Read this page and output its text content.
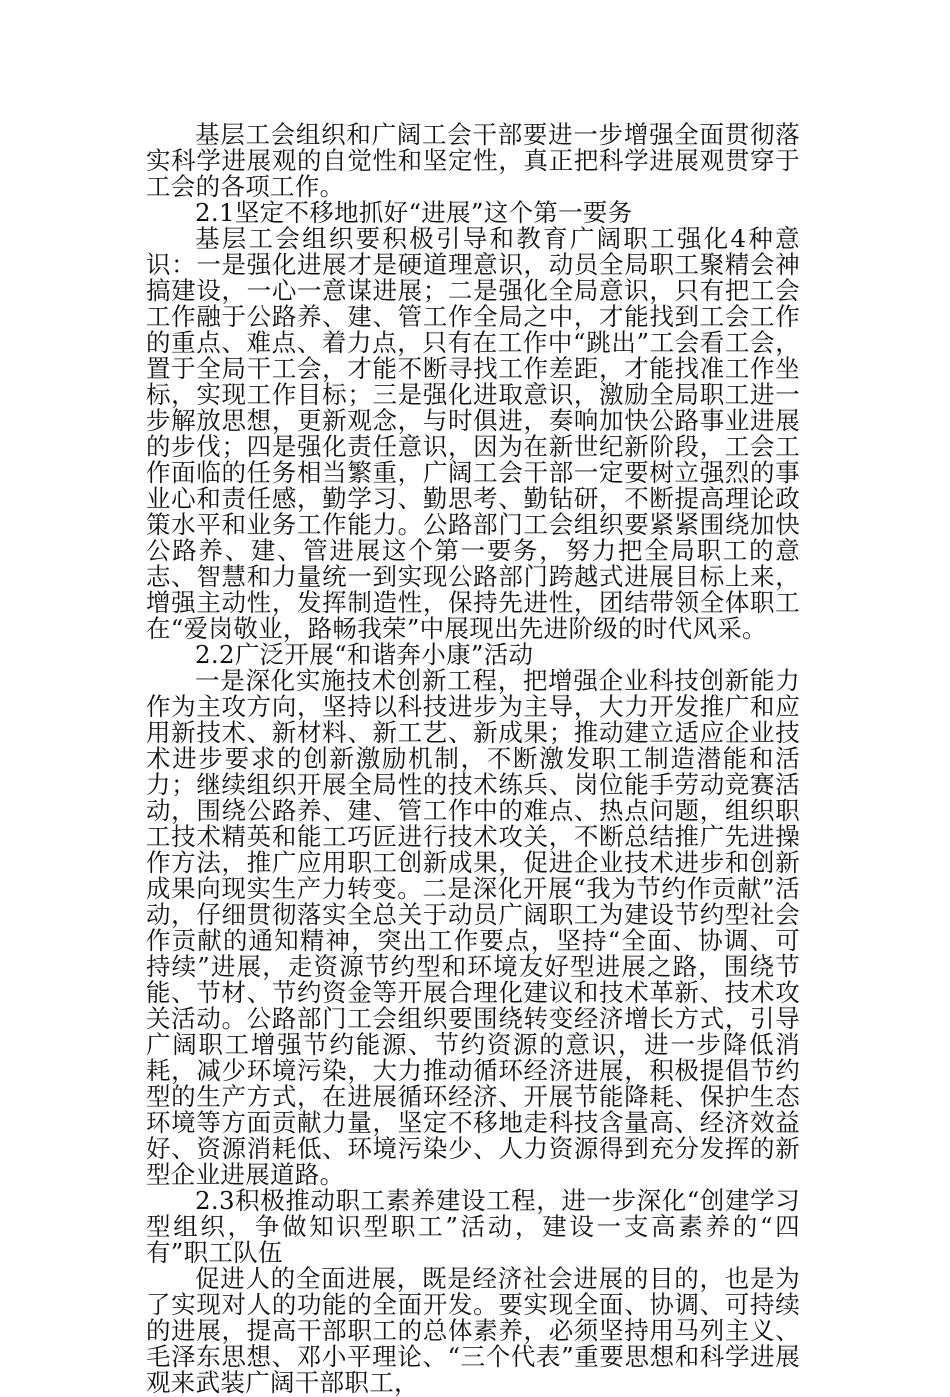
基层工会组织和广阔工会干部要进一步增强全面贯彻落实科学进展观的自觉性和坚定性，真正把科学进展观贯穿于工会的各项工作。

2.1坚定不移地抓好“进展”这个第一要务

基层工会组织要积极引导和教育广阔职工强化4种意识：一是强化进展才是硬道理意识，动员全局职工聚精会神搞建设，一心一意谋进展；二是强化全局意识，只有把工会工作融于公路养、建、管工作全局之中，才能找到工会工作的重点、难点、着力点，只有在工作中“跳出”工会看工会，置于全局干工会，才能不断寻找工作差距，才能找准工作坐标，实现工作目标；三是强化进取意识，激励全局职工进一步解放思想，更新观念，与时俱进，奏响加快公路事业进展的步伐；四是强化责任意识，因为在新世纪新阶段，工会工作面临的任务相当繁重，广阔工会干部一定要树立强烈的事业心和责任感，勤学习、勤思考、勤钻研，不断提高理论政策水平和业务工作能力。公路部门工会组织要紧紧围绕加快公路养、建、管进展这个第一要务，努力把全局职工的意志、智慧和力量统一到实现公路部门跨越式进展目标上来，增强主动性，发挥制造性，保持先进性，团结带领全体职工在“爱岗敬业，路畅我荣”中展现出先进阶级的时代风采。

2.2广泛开展“和谐奔小康”活动

一是深化实施技术创新工程，把增强企业科技创新能力作为主攻方向，坚持以科技进步为主导，大力开发推广和应用新技术、新材料、新工艺、新成果；推动建立适应企业技术进步要求的创新激励机制，不断激发职工制造潜能和活力；继续组织开展全局性的技术练兵、岗位能手劳动竞赛活动，围绕公路养、建、管工作中的难点、热点问题，组织职工技术精英和能工巧匠进行技术攻关，不断总结推广先进操作方法，推广应用职工创新成果，促进企业技术进步和创新成果向现实生产力转变。二是深化开展“我为节约作贡献”活动，仔细贯彻落实全总关于动员广阔职工为建设节约型社会作贡献的通知精神，突出工作要点，坚持“全面、协调、可持续”进展，走资源节约型和环境友好型进展之路，围绕节能、节材、节约资金等开展合理化建议和技术革新、技术攻关活动。公路部门工会组织要围绕转变经济增长方式，引导广阔职工增强节约能源、节约资源的意识，进一步降低消耗，减少环境污染，大力推动循环经济进展，积极提倡节约型的生产方式，在进展循环经济、开展节能降耗、保护生态环境等方面贡献力量，坚定不移地走科技含量高、经济效益好、资源消耗低、环境污染少、人力资源得到充分发挥的新型企业进展道路。

2.3积极推动职工素养建设工程，进一步深化“创建学习型组织，争做知识型职工”活动，建设一支高素养的“四有”职工队伍

促进人的全面进展，既是经济社会进展的目的，也是为了实现对人的功能的全面开发。要实现全面、协调、可持续的进展，提高干部职工的总体素养，必须坚持用马列主义、毛泽东思想、邓小平理论、“三个代表”重要思想和科学进展观来武装广阔干部职工，
